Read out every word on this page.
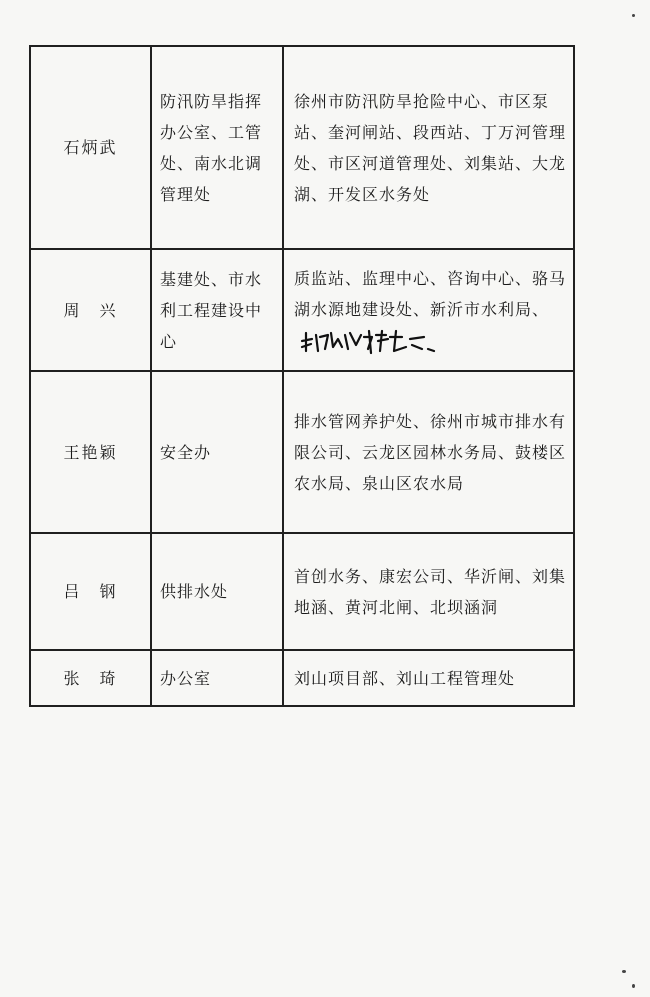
石炳武	防汛防旱指挥办公室、工管处、南水北调管理处	徐州市防汛防旱抢险中心、市区泵站、奎河闸站、段西站、丁万河管理处、市区河道管理处、刘集站、大龙湖、开发区水务处
周　兴	基建处、市水利工程建设中心	质监站、监理中心、咨询中心、骆马湖水源地建设处、新沂市水利局、
王艳颖	安全办	排水管网养护处、徐州市城市排水有限公司、云龙区园林水务局、鼓楼区农水局、泉山区农水局
吕　钢	供排水处	首创水务、康宏公司、华沂闸、刘集地涵、黄河北闸、北坝涵洞
张　琦	办公室	刘山项目部、刘山工程管理处
